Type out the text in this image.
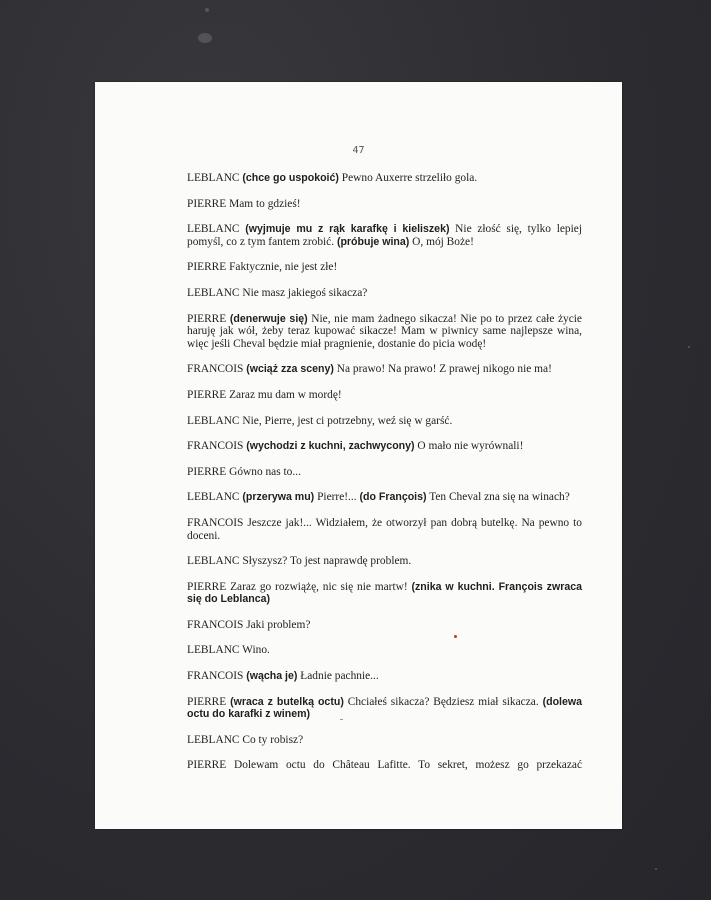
47

LEBLANC (chce go uspokoić) Pewno Auxerre strzeliło gola.

PIERRE Mam to gdzieś!

LEBLANC (wyjmuje mu z rąk karafkę i kieliszek) Nie złość się, tylko lepiej pomyśl, co z tym fantem zrobić. (próbuje wina) O, mój Boże!

PIERRE Faktycznie, nie jest złe!

LEBLANC Nie masz jakiegoś sikacza?

PIERRE (denerwuje się) Nie, nie mam żadnego sikacza! Nie po to przez całe życie haruję jak wół, żeby teraz kupować sikacze! Mam w piwnicy same najlepsze wina, więc jeśli Cheval będzie miał pragnienie, dostanie do picia wodę!

FRANCOIS (wciąż zza sceny) Na prawo! Na prawo! Z prawej nikogo nie ma!

PIERRE Zaraz mu dam w mordę!

LEBLANC Nie, Pierre, jest ci potrzebny, weź się w garść.

FRANCOIS (wychodzi z kuchni, zachwycony) O mało nie wyrównali!

PIERRE Gówno nas to...

LEBLANC (przerywa mu) Pierre!... (do François) Ten Cheval zna się na winach?

FRANCOIS Jeszcze jak!... Widziałem, że otworzył pan dobrą butelkę. Na pewno to doceni.

LEBLANC Słyszysz? To jest naprawdę problem.

PIERRE Zaraz go rozwiążę, nic się nie martw! (znika w kuchni. François zwraca się do Leblanca)

FRANCOIS Jaki problem?

LEBLANC Wino.

FRANCOIS (wącha je) Ładnie pachnie...

PIERRE (wraca z butelką octu) Chciałeś sikacza? Będziesz miał sikacza. (dolewa octu do karafki z winem)

LEBLANC Co ty robisz?

PIERRE Dolewam octu do Château Lafitte. To sekret, możesz go przekazać
